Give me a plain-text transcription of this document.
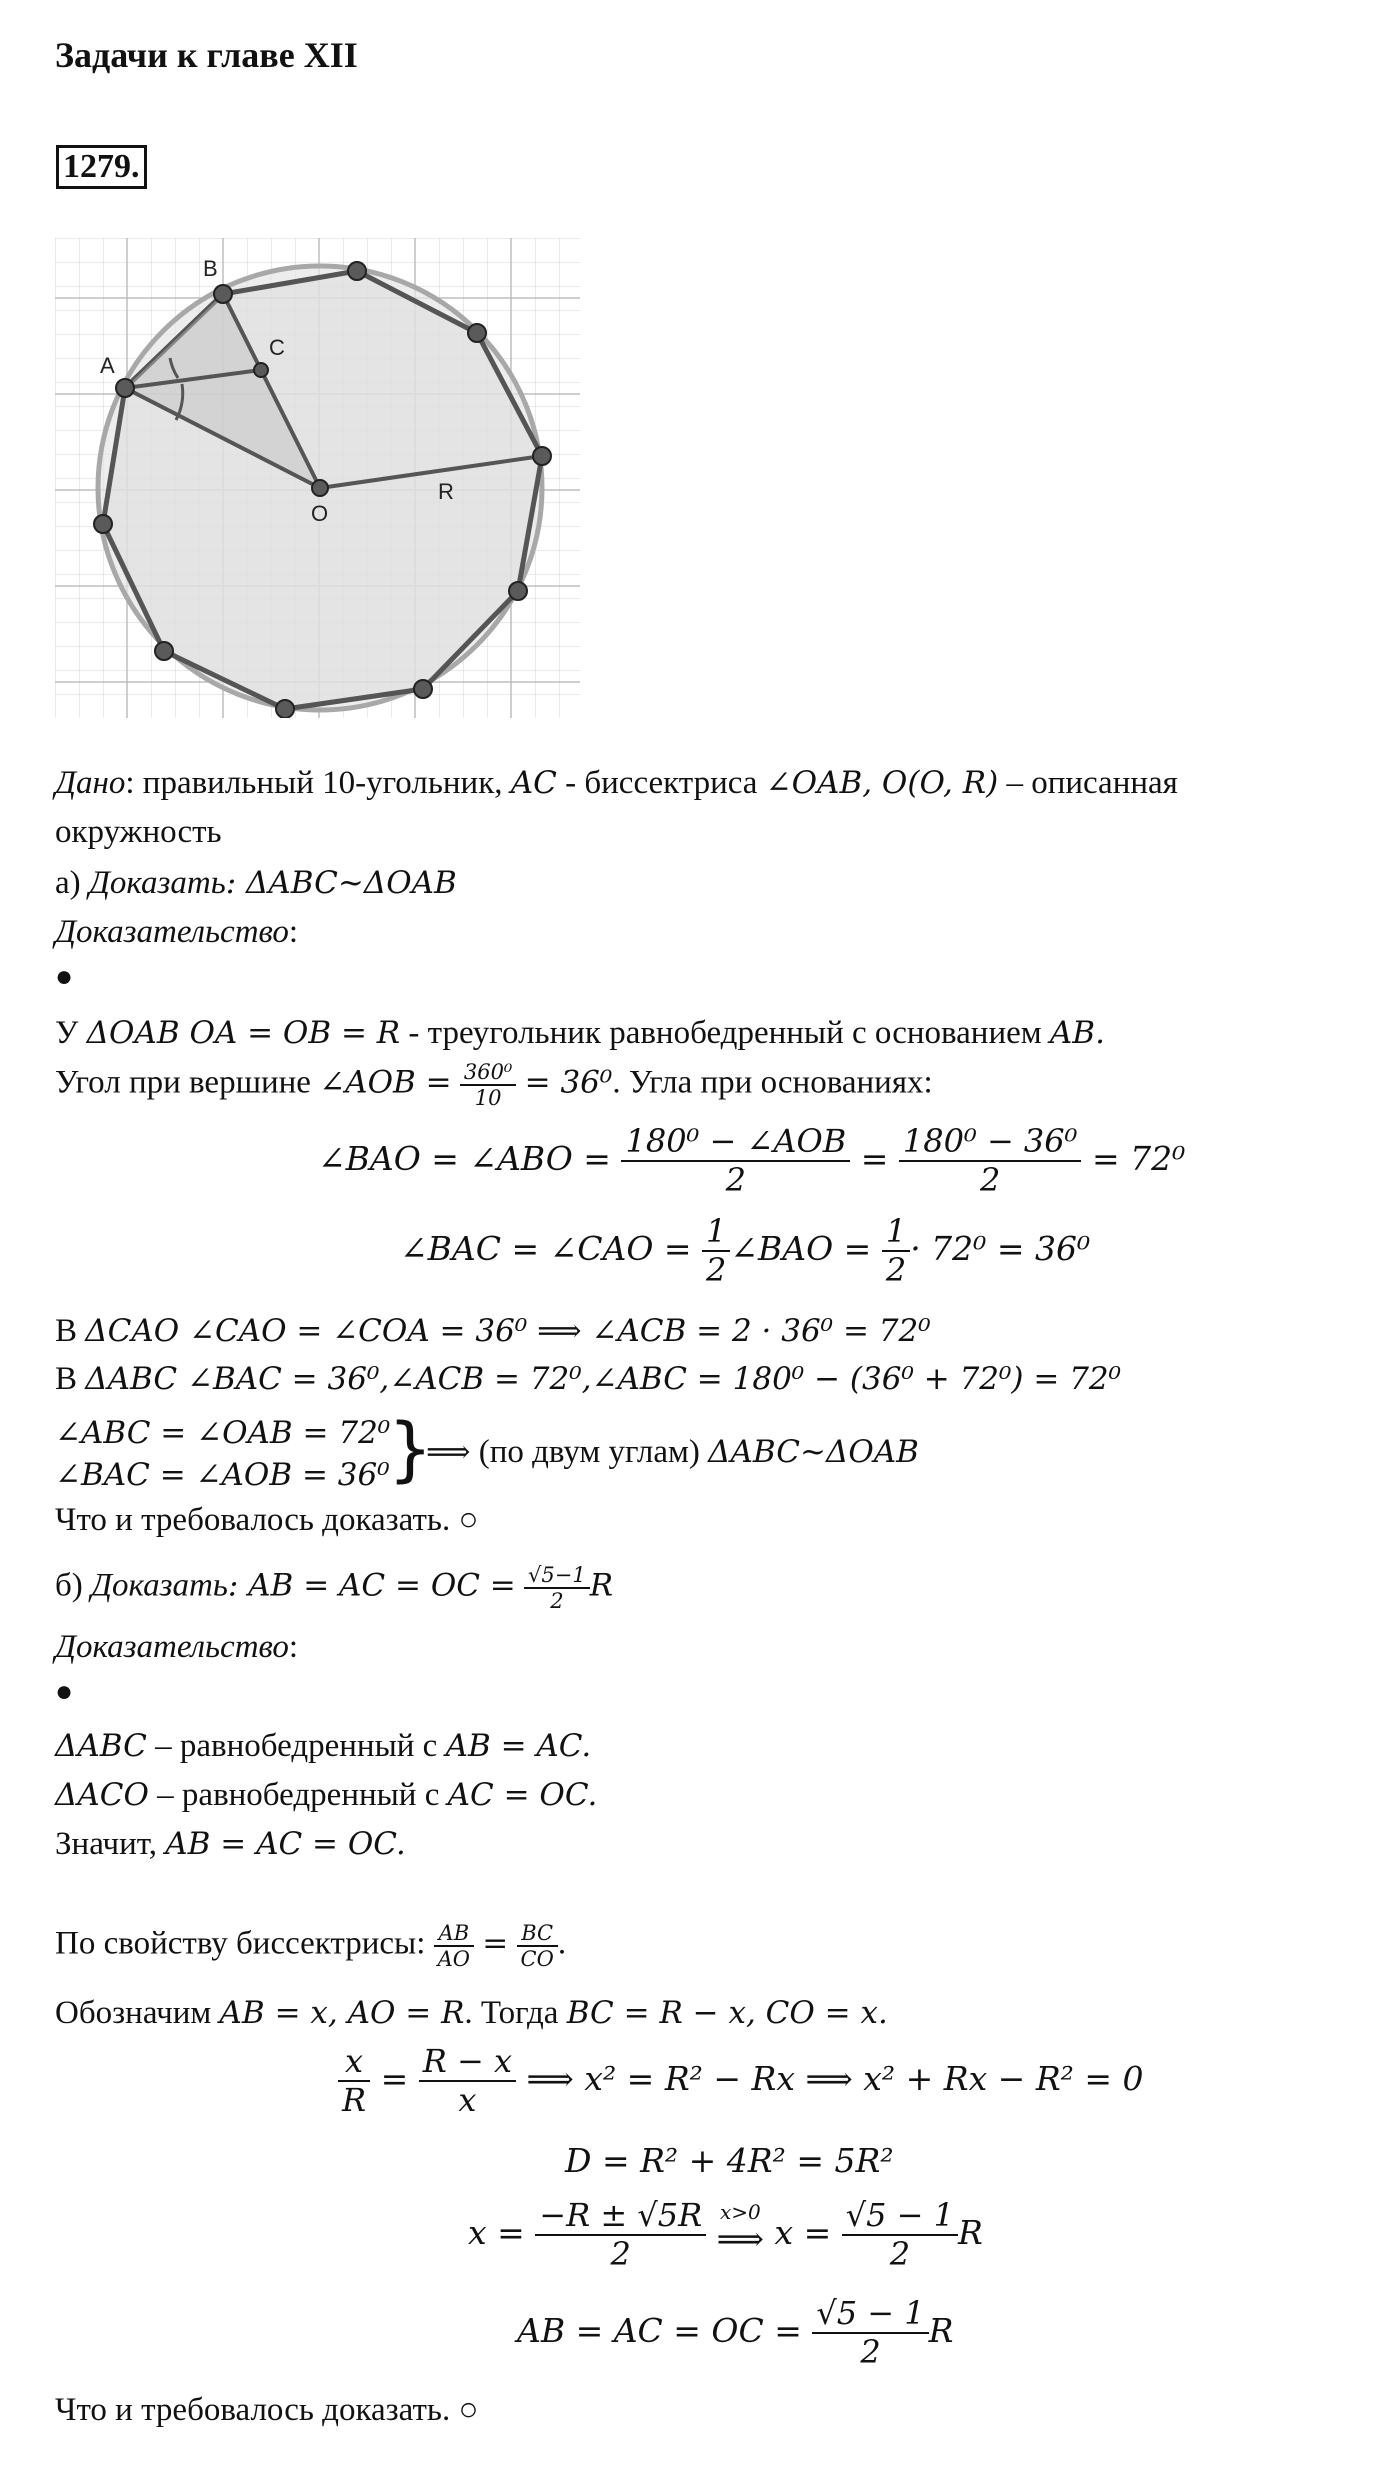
Задачи к главе XII
1279.
B
A
C
O
R
Дано: правильный 10-угольник, AC - биссектриса ∠OAB, O(O, R) – описанная
окружность
а) Доказать: ΔABC~ΔOAB
Доказательство:
●
У ΔOAB OA = OB = R - треугольник равнобедренный с основанием AB.
Угол при вершине ∠AOB = $\frac{\text{360⁰}}{10} = 36^0$. Угла при основаниях:
∠BAO = ∠ABO = $\frac{\text{180⁰ − ∠AOB}}{2} = \frac{\text{180⁰ − 36⁰}}{2} = 72^0$
∠BAC = ∠CAO = $\frac{1}{2}$ ∠BAO = $\frac{1}{2} \cdot 72^0 = 36^0$
В ΔCAO ∠CAO = ∠COA = 36⁰ ⟹ ∠ACB = 2 · 36⁰ = 72⁰
В ΔABC ∠BAC = 36⁰,∠ACB = 72⁰,∠ABC = 180⁰ − (36⁰ + 72⁰) = 72⁰
∠ABC = ∠OAB = 72⁰
∠BAC = ∠AOB = 36⁰
}
⟹ (по двум углам) ΔABC~ΔOAB
Что и требовалось доказать. ○
б) Доказать: AB = AC = OC = $\frac{√5-1}{2}$ R
Доказательство:
●
ΔABC – равнобедренный с AB = AC.
ΔACO – равнобедренный с AC = OC.
Значит, AB = AC = OC.
По свойству биссектрисы: $\frac{AB}{AO} = \frac{BC}{CO}$ .
Обозначим AB = x, AO = R. Тогда BC = R − x, CO = x.
$\frac{x}{R} = \frac{R - x}{x}$ ⟹ x² = R² − Rx ⟹ x² + Rx − R² = 0
D = R² + 4R² = 5R²
$x = \frac{-R \pm √5R}{2}$
x>0
⟹ $x = \frac{√5 - 1}{2}$ R
AB = AC = OC = $\frac{√5 - 1}{2}$ R
Что и требовалось доказать. ○
